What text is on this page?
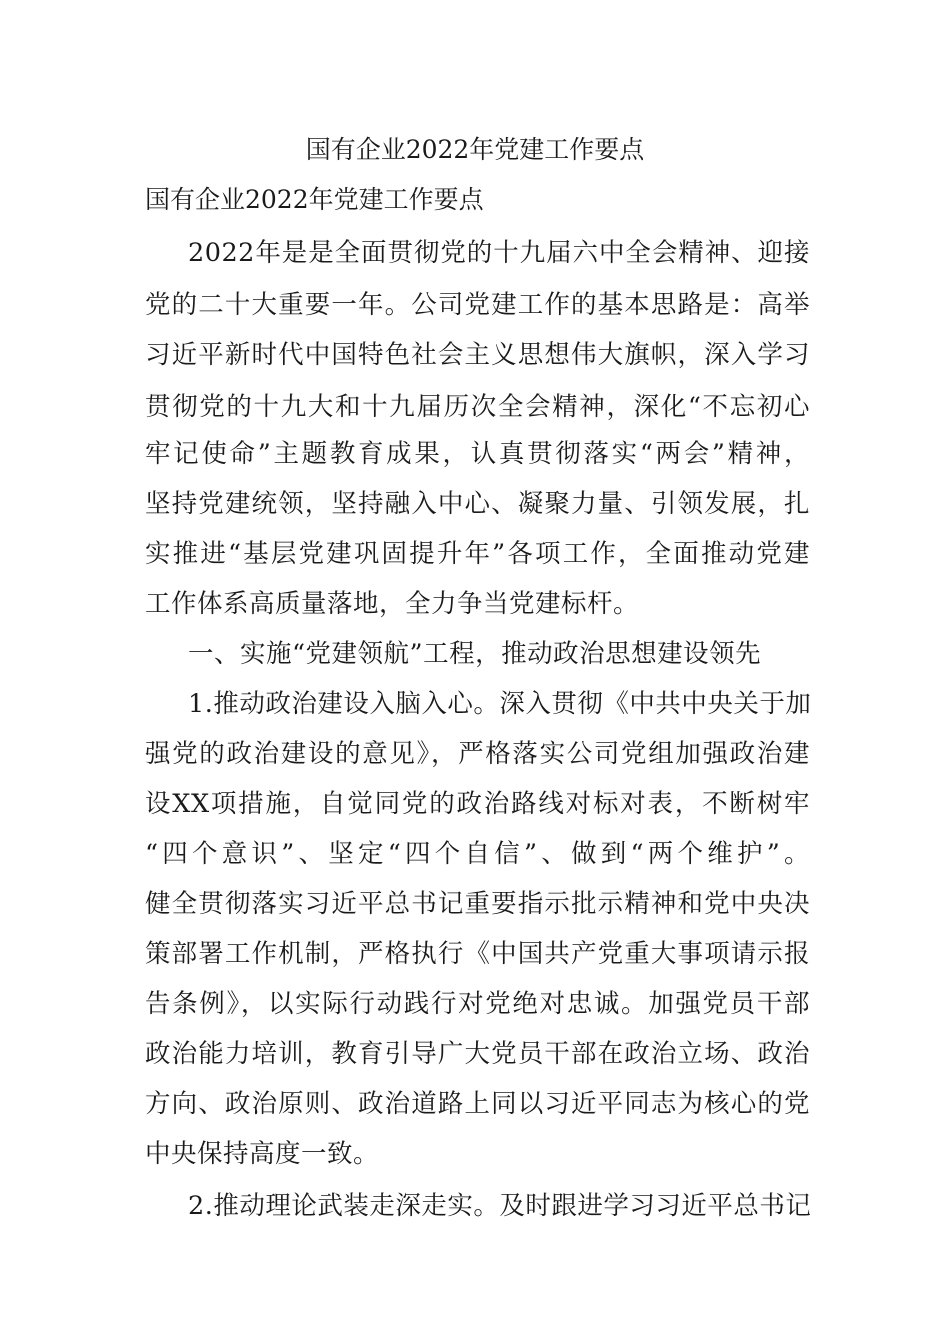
国有企业2022年党建工作要点
国有企业2022年党建工作要点

2022年是是全面贯彻党的十九届六中全会精神、迎接

党的二十大重要一年。公司党建工作的基本思路是：高举

习近平新时代中国特色社会主义思想伟大旗帜，深入学习

贯彻党的十九大和十九届历次全会精神，深化“不忘初心

牢记使命”主题教育成果，认真贯彻落实“两会”精神，

坚持党建统领，坚持融入中心、凝聚力量、引领发展，扎

实推进“基层党建巩固提升年”各项工作，全面推动党建

工作体系高质量落地，全力争当党建标杆。

一、实施“党建领航”工程，推动政治思想建设领先

1.推动政治建设入脑入心。深入贯彻《中共中央关于加

强党的政治建设的意见》，严格落实公司党组加强政治建

设XX项措施，自觉同党的政治路线对标对表，不断树牢

“四个意识”、坚定“四个自信”、做到“两个维护”。

健全贯彻落实习近平总书记重要指示批示精神和党中央决

策部署工作机制，严格执行《中国共产党重大事项请示报

告条例》，以实际行动践行对党绝对忠诚。加强党员干部

政治能力培训，教育引导广大党员干部在政治立场、政治

方向、政治原则、政治道路上同以习近平同志为核心的党

中央保持高度一致。

2.推动理论武装走深走实。及时跟进学习习近平总书记
